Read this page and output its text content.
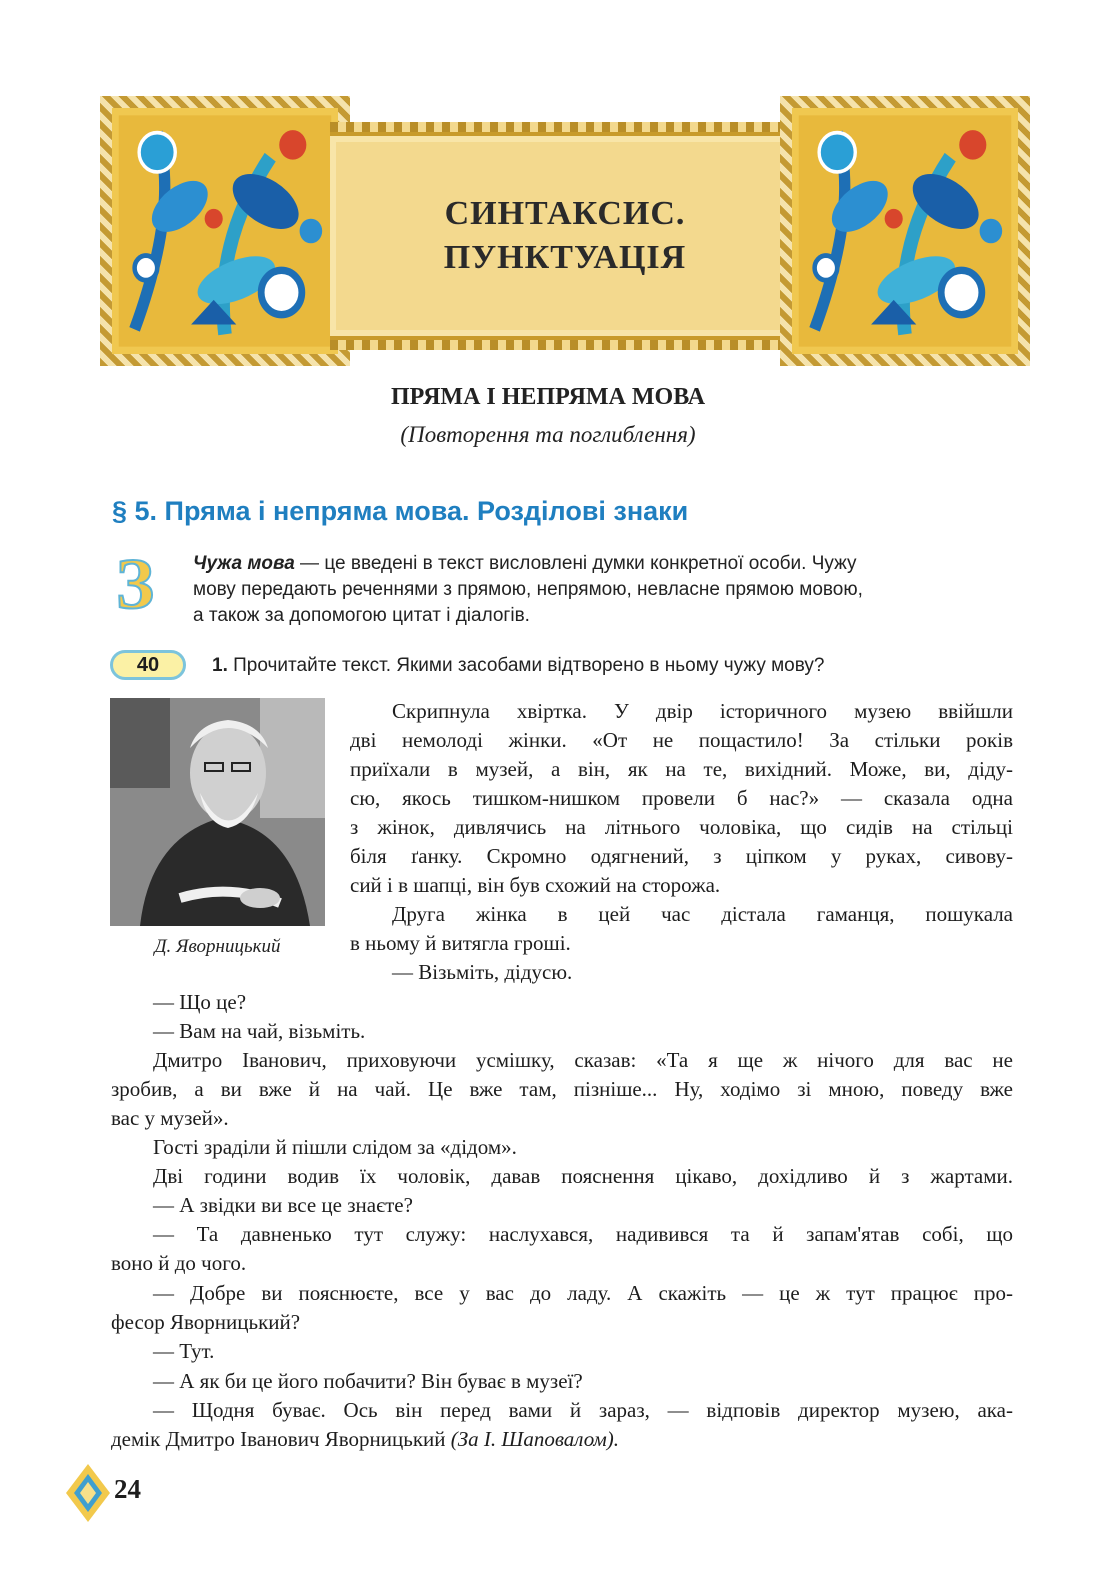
СИНТАКСИС.
ПУНКТУАЦІЯ
ПРЯМА І НЕПРЯМА МОВА
(Повторення та поглиблення)
§ 5. Пряма і непряма мова. Розділові знаки
З Чужа мова — це введені в текст висловлені думки конкретної особи. Чужу
мову передають реченнями з прямою, непрямою, невласне прямою мовою,
а також за допомогою цитат і діалогів.
40	1. Прочитайте текст. Якими засобами відтворено в ньому чужу мову?
Д. Яворницький
Скрипнула хвіртка. У двір історичного музею ввійшли
дві немолоді жінки. «От не пощастило! За стільки років
приїхали в музей, а він, як на те, вихідний. Може, ви, діду-
сю, якось тишком-нишком провели б нас?» — сказала одна
з жінок, дивлячись на літнього чоловіка, що сидів на стільці
біля ґанку. Скромно одягнений, з ціпком у руках, сивову-
сий і в шапці, він був схожий на сторожа.
Друга жінка в цей час дістала гаманця, пошукала
в ньому й витягла гроші.
— Візьміть, дідусю.
— Що це?
— Вам на чай, візьміть.
Дмитро Іванович, приховуючи усмішку, сказав: «Та я ще ж нічого для вас не
зробив, а ви вже й на чай. Це вже там, пізніше... Ну, ходімо зі мною, поведу вже
вас у музей».
Гості зраділи й пішли слідом за «дідом».
Дві години водив їх чоловік, давав пояснення цікаво, дохідливо й з жартами.
— А звідки ви все це знаєте?
— Та давненько тут служу: наслухався, надивився та й запам'ятав собі, що
воно й до чого.
— Добре ви пояснюєте, все у вас до ладу. А скажіть — це ж тут працює про-
фесор Яворницький?
— Тут.
— А як би це його побачити? Він буває в музеї?
— Щодня буває. Ось він перед вами й зараз, — відповів директор музею, ака-
демік Дмитро Іванович Яворницький (За І. Шаповалом).
24
